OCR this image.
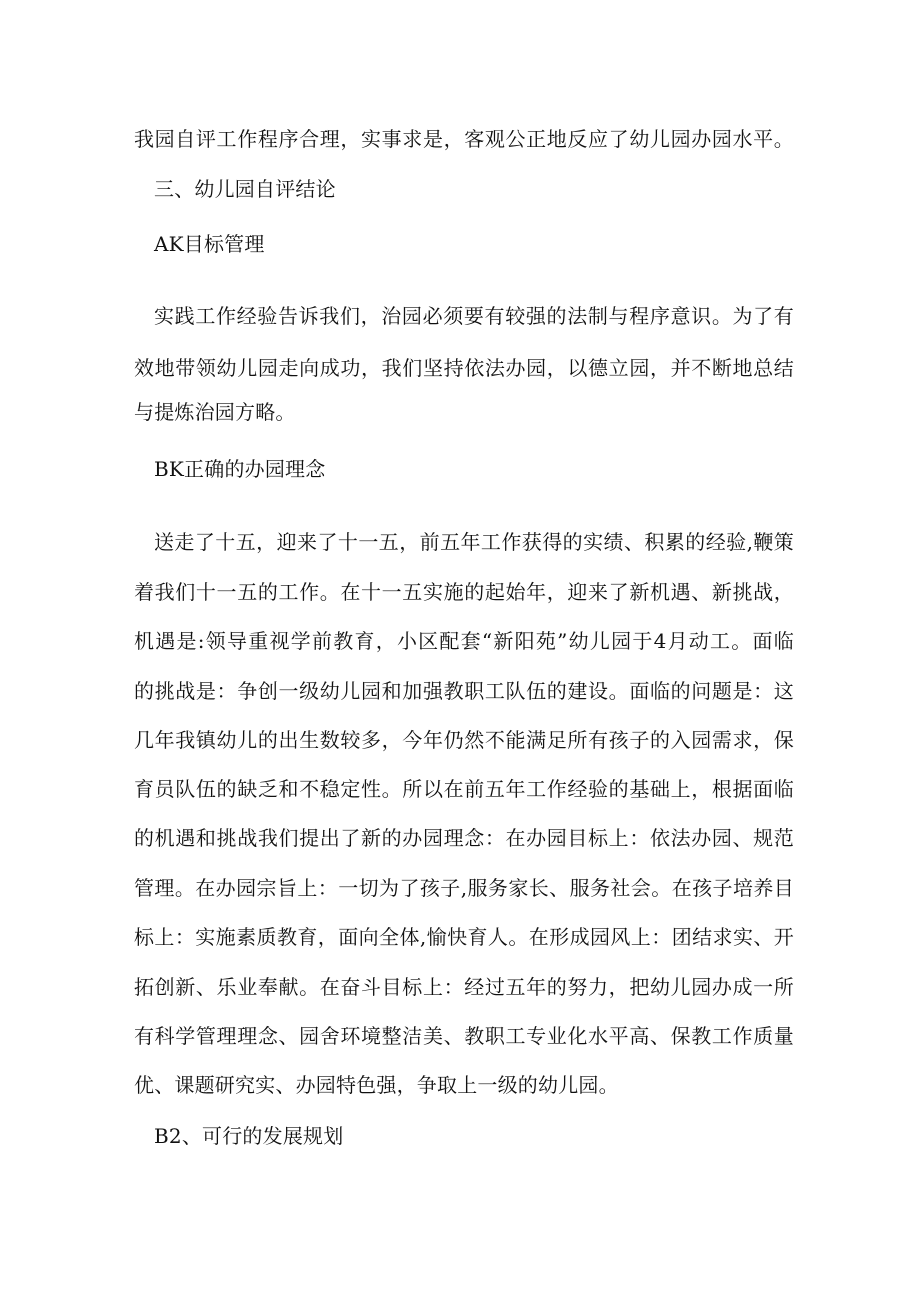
我园自评工作程序合理，实事求是，客观公正地反应了幼儿园办园水平。
三、幼儿园自评结论
AK目标管理
实践工作经验告诉我们，治园必须要有较强的法制与程序意识。为了有
效地带领幼儿园走向成功，我们坚持依法办园，以德立园，并不断地总结
与提炼治园方略。
BK正确的办园理念
送走了十五，迎来了十一五，前五年工作获得的实绩、积累的经验,鞭策
着我们十一五的工作。在十一五实施的起始年，迎来了新机遇、新挑战，
机遇是:领导重视学前教育，小区配套“新阳苑”幼儿园于4月动工。面临
的挑战是：争创一级幼儿园和加强教职工队伍的建设。面临的问题是：这
几年我镇幼儿的出生数较多，今年仍然不能满足所有孩子的入园需求，保
育员队伍的缺乏和不稳定性。所以在前五年工作经验的基础上，根据面临
的机遇和挑战我们提出了新的办园理念：在办园目标上：依法办园、规范
管理。在办园宗旨上：一切为了孩子,服务家长、服务社会。在孩子培养目
标上：实施素质教育，面向全体,愉快育人。在形成园风上：团结求实、开
拓创新、乐业奉献。在奋斗目标上：经过五年的努力，把幼儿园办成一所
有科学管理理念、园舍环境整洁美、教职工专业化水平高、保教工作质量
优、课题研究实、办园特色强，争取上一级的幼儿园。
B2、可行的发展规划
